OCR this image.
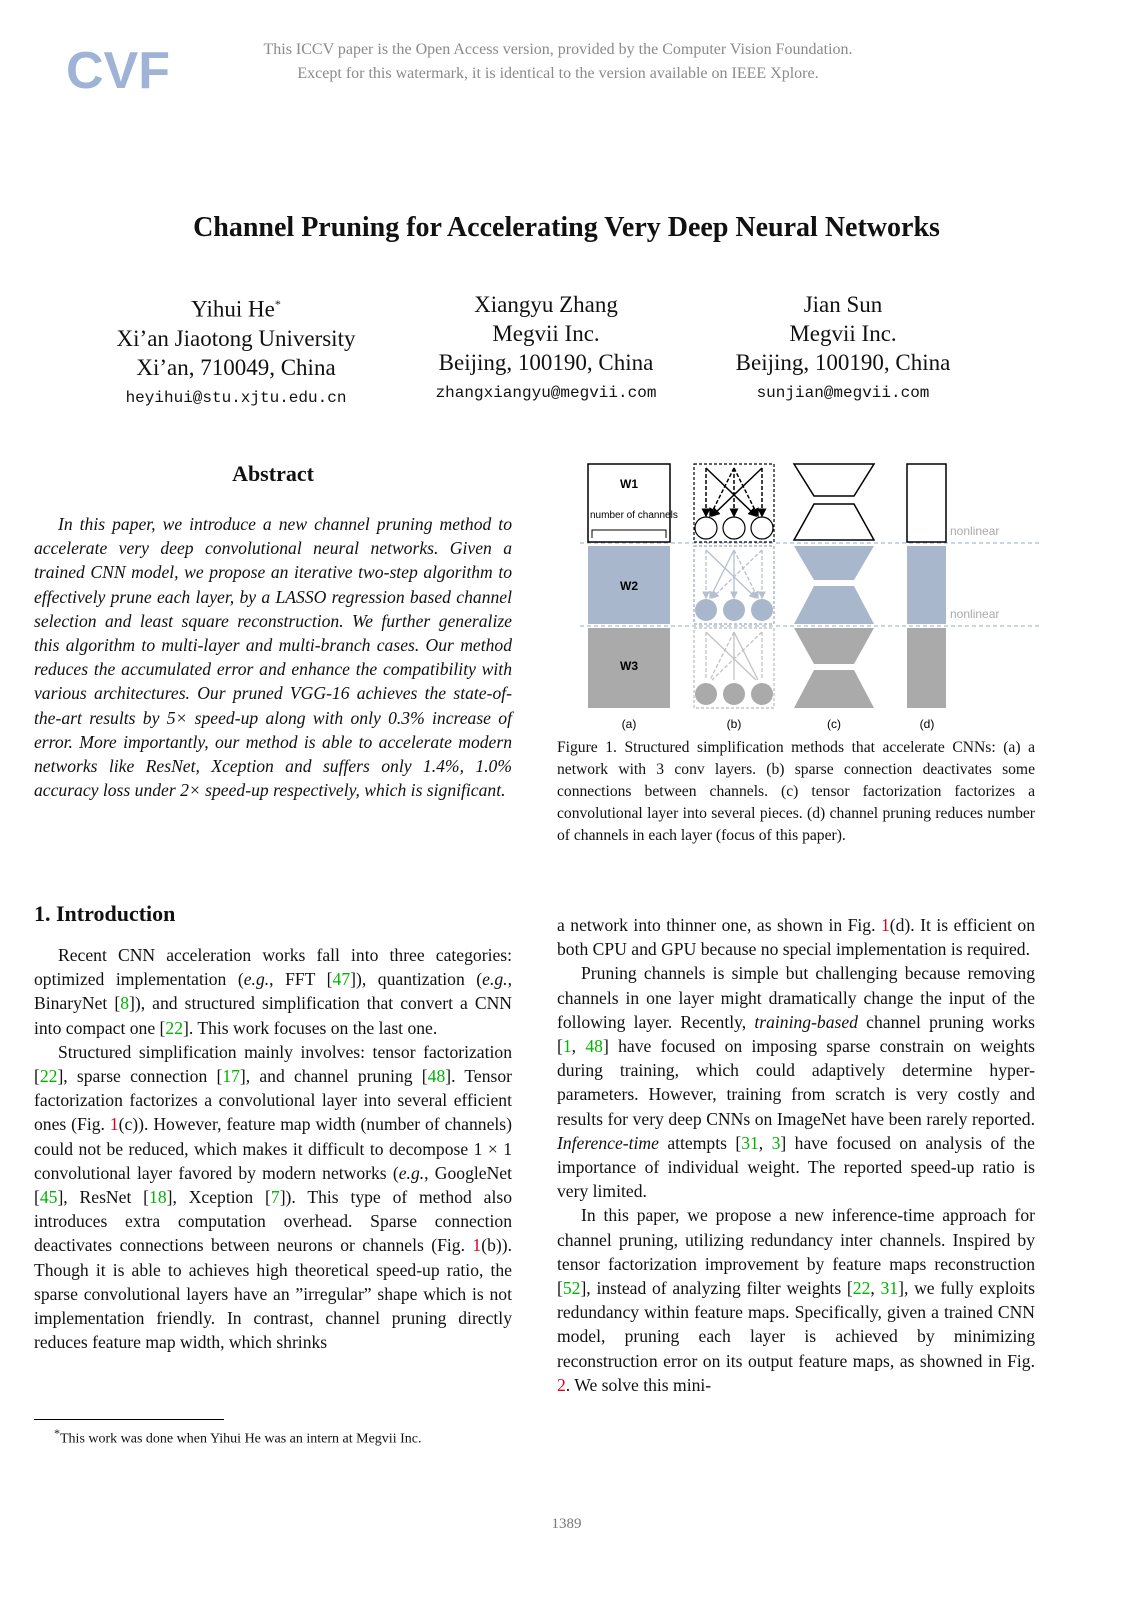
CVF	This ICCV paper is the Open Access version, provided by the Computer Vision Foundation.
Except for this watermark, it is identical to the version available on IEEE Xplore.
Channel Pruning for Accelerating Very Deep Neural Networks
Yihui He*
Xi’an Jiaotong University
Xi’an, 710049, China
heyihui@stu.xjtu.edu.cn
Xiangyu Zhang
Megvii Inc.
Beijing, 100190, China
zhangxiangyu@megvii.com
Jian Sun
Megvii Inc.
Beijing, 100190, China
sunjian@megvii.com
Abstract
In this paper, we introduce a new channel pruning method to accelerate very deep convolutional neural networks. Given a trained CNN model, we propose an iterative two-step algorithm to effectively prune each layer, by a LASSO regression based channel selection and least square reconstruction. We further generalize this algorithm to multi-layer and multi-branch cases. Our method reduces the accumulated error and enhance the compatibility with various architectures. Our pruned VGG-16 achieves the state-of-the-art results by 5× speed-up along with only 0.3% increase of error. More importantly, our method is able to accelerate modern networks like ResNet, Xception and suffers only 1.4%, 1.0% accuracy loss under 2× speed-up respectively, which is significant.
W1
number of channels
W2
W3
nonlinear
nonlinear
(a)	(b)	(c)	(d)
Figure 1. Structured simplification methods that accelerate CNNs: (a) a network with 3 conv layers. (b) sparse connection deactivates some connections between channels. (c) tensor factorization factorizes a convolutional layer into several pieces. (d) channel pruning reduces number of channels in each layer (focus of this paper).
1. Introduction

Recent CNN acceleration works fall into three categories: optimized implementation (e.g., FFT [47]), quantization (e.g., BinaryNet [8]), and structured simplification that convert a CNN into compact one [22]. This work focuses on the last one.

Structured simplification mainly involves: tensor factorization [22], sparse connection [17], and channel pruning [48]. Tensor factorization factorizes a convolutional layer into several efficient ones (Fig. 1(c)). However, feature map width (number of channels) could not be reduced, which makes it difficult to decompose 1 × 1 convolutional layer favored by modern networks (e.g., GoogleNet [45], ResNet [18], Xception [7]). This type of method also introduces extra computation overhead. Sparse connection deactivates connections between neurons or channels (Fig. 1(b)). Though it is able to achieves high theoretical speed-up ratio, the sparse convolutional layers have an ”irregular” shape which is not implementation friendly. In contrast, channel pruning directly reduces feature map width, which shrinks

a network into thinner one, as shown in Fig. 1(d). It is efficient on both CPU and GPU because no special implementation is required.

Pruning channels is simple but challenging because removing channels in one layer might dramatically change the input of the following layer. Recently, training-based channel pruning works [1, 48] have focused on imposing sparse constrain on weights during training, which could adaptively determine hyper-parameters. However, training from scratch is very costly and results for very deep CNNs on ImageNet have been rarely reported. Inference-time attempts [31, 3] have focused on analysis of the importance of individual weight. The reported speed-up ratio is very limited.

In this paper, we propose a new inference-time approach for channel pruning, utilizing redundancy inter channels. Inspired by tensor factorization improvement by feature maps reconstruction [52], instead of analyzing filter weights [22, 31], we fully exploits redundancy within feature maps. Specifically, given a trained CNN model, pruning each layer is achieved by minimizing reconstruction error on its output feature maps, as showned in Fig. 2. We solve this mini-

*This work was done when Yihui He was an intern at Megvii Inc.
1389
